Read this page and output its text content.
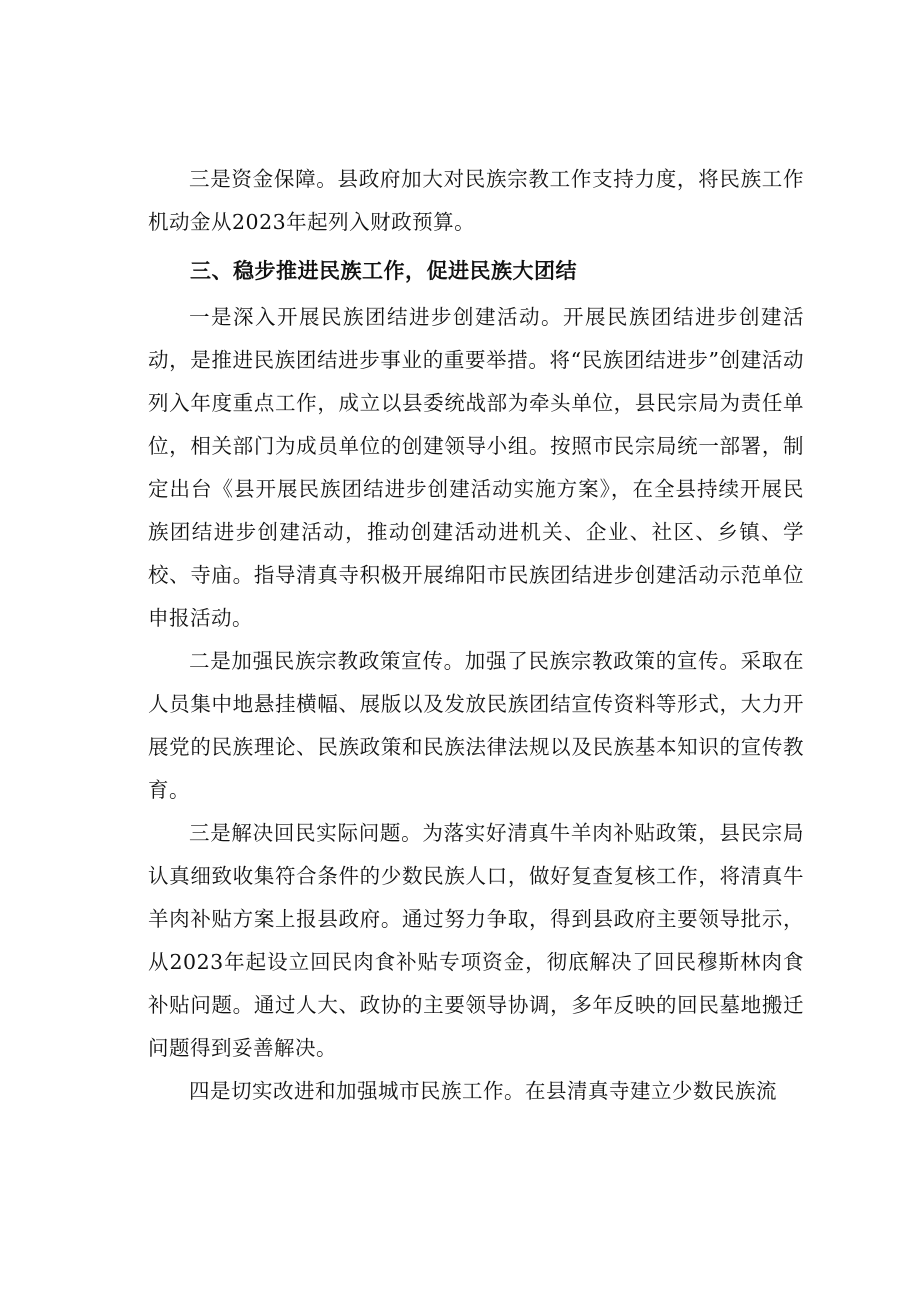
三是资金保障。县政府加大对民族宗教工作支持力度，将民族工作机动金从2023年起列入财政预算。

三、稳步推进民族工作，促进民族大团结

一是深入开展民族团结进步创建活动。开展民族团结进步创建活动，是推进民族团结进步事业的重要举措。将“民族团结进步”创建活动列入年度重点工作，成立以县委统战部为牵头单位，县民宗局为责任单位，相关部门为成员单位的创建领导小组。按照市民宗局统一部署，制定出台《县开展民族团结进步创建活动实施方案》，在全县持续开展民族团结进步创建活动，推动创建活动进机关、企业、社区、乡镇、学校、寺庙。指导清真寺积极开展绵阳市民族团结进步创建活动示范单位申报活动。

二是加强民族宗教政策宣传。加强了民族宗教政策的宣传。采取在人员集中地悬挂横幅、展版以及发放民族团结宣传资料等形式，大力开展党的民族理论、民族政策和民族法律法规以及民族基本知识的宣传教育。

三是解决回民实际问题。为落实好清真牛羊肉补贴政策，县民宗局认真细致收集符合条件的少数民族人口，做好复查复核工作，将清真牛羊肉补贴方案上报县政府。通过努力争取，得到县政府主要领导批示，从2023年起设立回民肉食补贴专项资金，彻底解决了回民穆斯林肉食补贴问题。通过人大、政协的主要领导协调，多年反映的回民墓地搬迁问题得到妥善解决。

四是切实改进和加强城市民族工作。在县清真寺建立少数民族流
